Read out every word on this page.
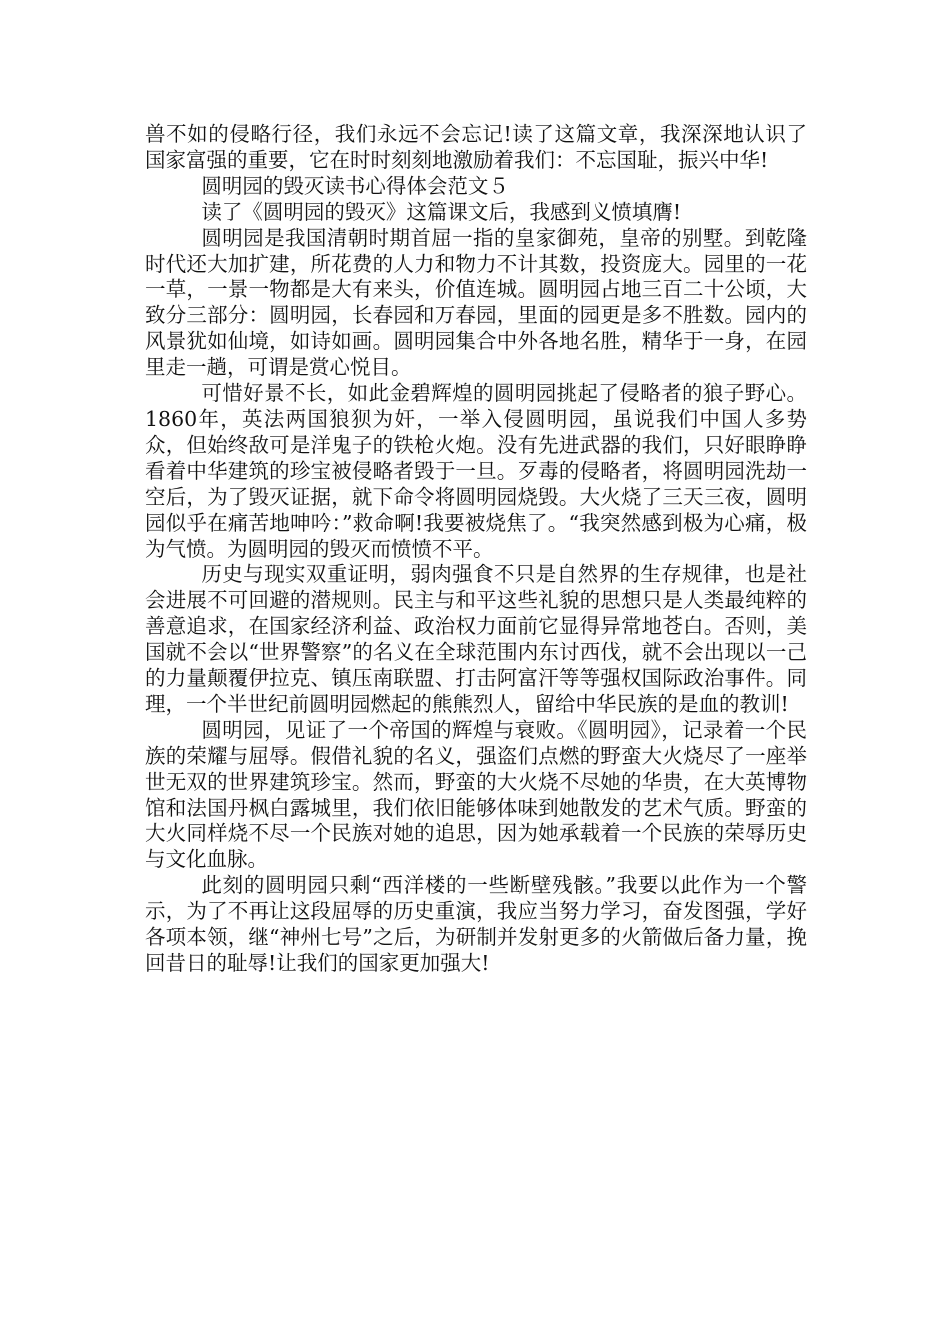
兽不如的侵略行径，我们永远不会忘记!读了这篇文章，我深深地认识了国家富强的重要，它在时时刻刻地激励着我们：不忘国耻，振兴中华!

圆明园的毁灭读书心得体会范文５

读了《圆明园的毁灭》这篇课文后，我感到义愤填膺!

圆明园是我国清朝时期首屈一指的皇家御苑，皇帝的别墅。到乾隆时代还大加扩建，所花费的人力和物力不计其数，投资庞大。园里的一花一草，一景一物都是大有来头，价值连城。圆明园占地三百二十公顷，大致分三部分：圆明园，长春园和万春园，里面的园更是多不胜数。园内的风景犹如仙境，如诗如画。圆明园集合中外各地名胜，精华于一身，在园里走一趟，可谓是赏心悦目。

可惜好景不长，如此金碧辉煌的圆明园挑起了侵略者的狼子野心。1860年，英法两国狼狈为奸，一举入侵圆明园，虽说我们中国人多势众，但始终敌可是洋鬼子的铁枪火炮。没有先进武器的我们，只好眼睁睁看着中华建筑的珍宝被侵略者毁于一旦。歹毒的侵略者，将圆明园洗劫一空后，为了毁灭证据，就下命令将圆明园烧毁。大火烧了三天三夜，圆明园似乎在痛苦地呻吟：”救命啊!我要被烧焦了。“我突然感到极为心痛，极为气愤。为圆明园的毁灭而愤愤不平。

历史与现实双重证明，弱肉强食不只是自然界的生存规律，也是社会进展不可回避的潜规则。民主与和平这些礼貌的思想只是人类最纯粹的善意追求，在国家经济利益、政治权力面前它显得异常地苍白。否则，美国就不会以“世界警察”的名义在全球范围内东讨西伐，就不会出现以一己的力量颠覆伊拉克、镇压南联盟、打击阿富汗等等强权国际政治事件。同理，一个半世纪前圆明园燃起的熊熊烈人，留给中华民族的是血的教训!

圆明园，见证了一个帝国的辉煌与衰败。《圆明园》，记录着一个民族的荣耀与屈辱。假借礼貌的名义，强盗们点燃的野蛮大火烧尽了一座举世无双的世界建筑珍宝。然而，野蛮的大火烧不尽她的华贵，在大英博物馆和法国丹枫白露城里，我们依旧能够体味到她散发的艺术气质。野蛮的大火同样烧不尽一个民族对她的追思，因为她承载着一个民族的荣辱历史与文化血脉。

此刻的圆明园只剩“西洋楼的一些断壁残骸。”我要以此作为一个警示，为了不再让这段屈辱的历史重演，我应当努力学习，奋发图强，学好各项本领，继“神州七号”之后，为研制并发射更多的火箭做后备力量，挽回昔日的耻辱!让我们的国家更加强大!
